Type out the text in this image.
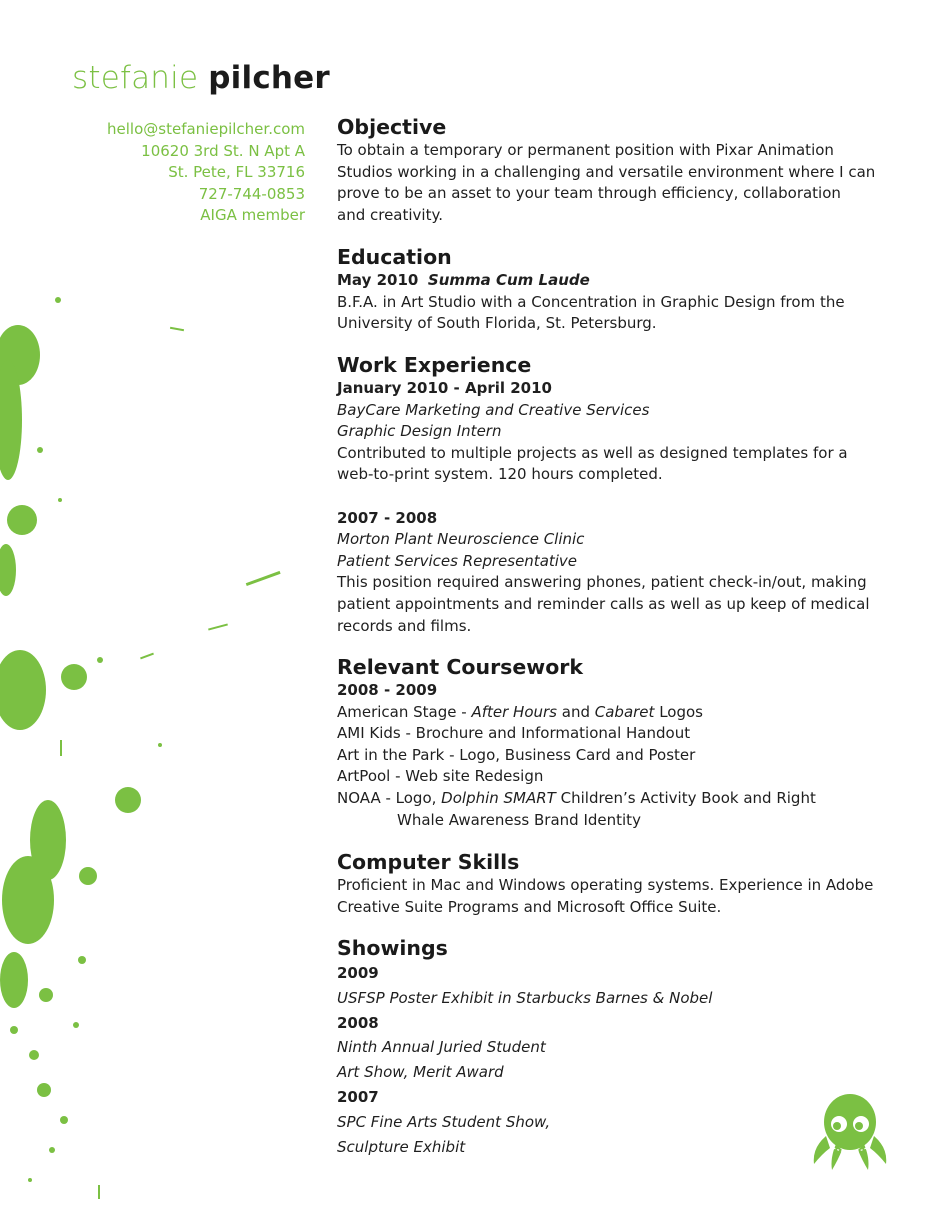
stefanie pilcher
hello@stefaniepilcher.com
10620 3rd St. N Apt A
St. Pete, FL 33716
727-744-0853
AIGA member
Objective
To obtain a temporary or permanent position with Pixar Animation
Studios working in a challenging and versatile environment where I can
prove to be an asset to your team through efficiency, collaboration
and creativity.
Education
May 2010 Summa Cum Laude
B.F.A. in Art Studio with a Concentration in Graphic Design from the
University of South Florida, St. Petersburg.
Work Experience
January 2010 - April 2010
BayCare Marketing and Creative Services
Graphic Design Intern
Contributed to multiple projects as well as designed templates for a
web-to-print system. 120 hours completed.
2007 - 2008
Morton Plant Neuroscience Clinic
Patient Services Representative
This position required answering phones, patient check-in/out, making
patient appointments and reminder calls as well as up keep of medical
records and films.
Relevant Coursework
2008 - 2009
American Stage - After Hours and Cabaret Logos
AMI Kids - Brochure and Informational Handout
Art in the Park - Logo, Business Card and Poster
ArtPool - Web site Redesign
NOAA - Logo, Dolphin SMART Children’s Activity Book and Right
Whale Awareness Brand Identity
Computer Skills
Proficient in Mac and Windows operating systems. Experience in Adobe
Creative Suite Programs and Microsoft Office Suite.
Showings
2009
USFSP Poster Exhibit in Starbucks Barnes & Nobel
2008
Ninth Annual Juried Student
Art Show, Merit Award
2007
SPC Fine Arts Student Show,
Sculpture Exhibit
